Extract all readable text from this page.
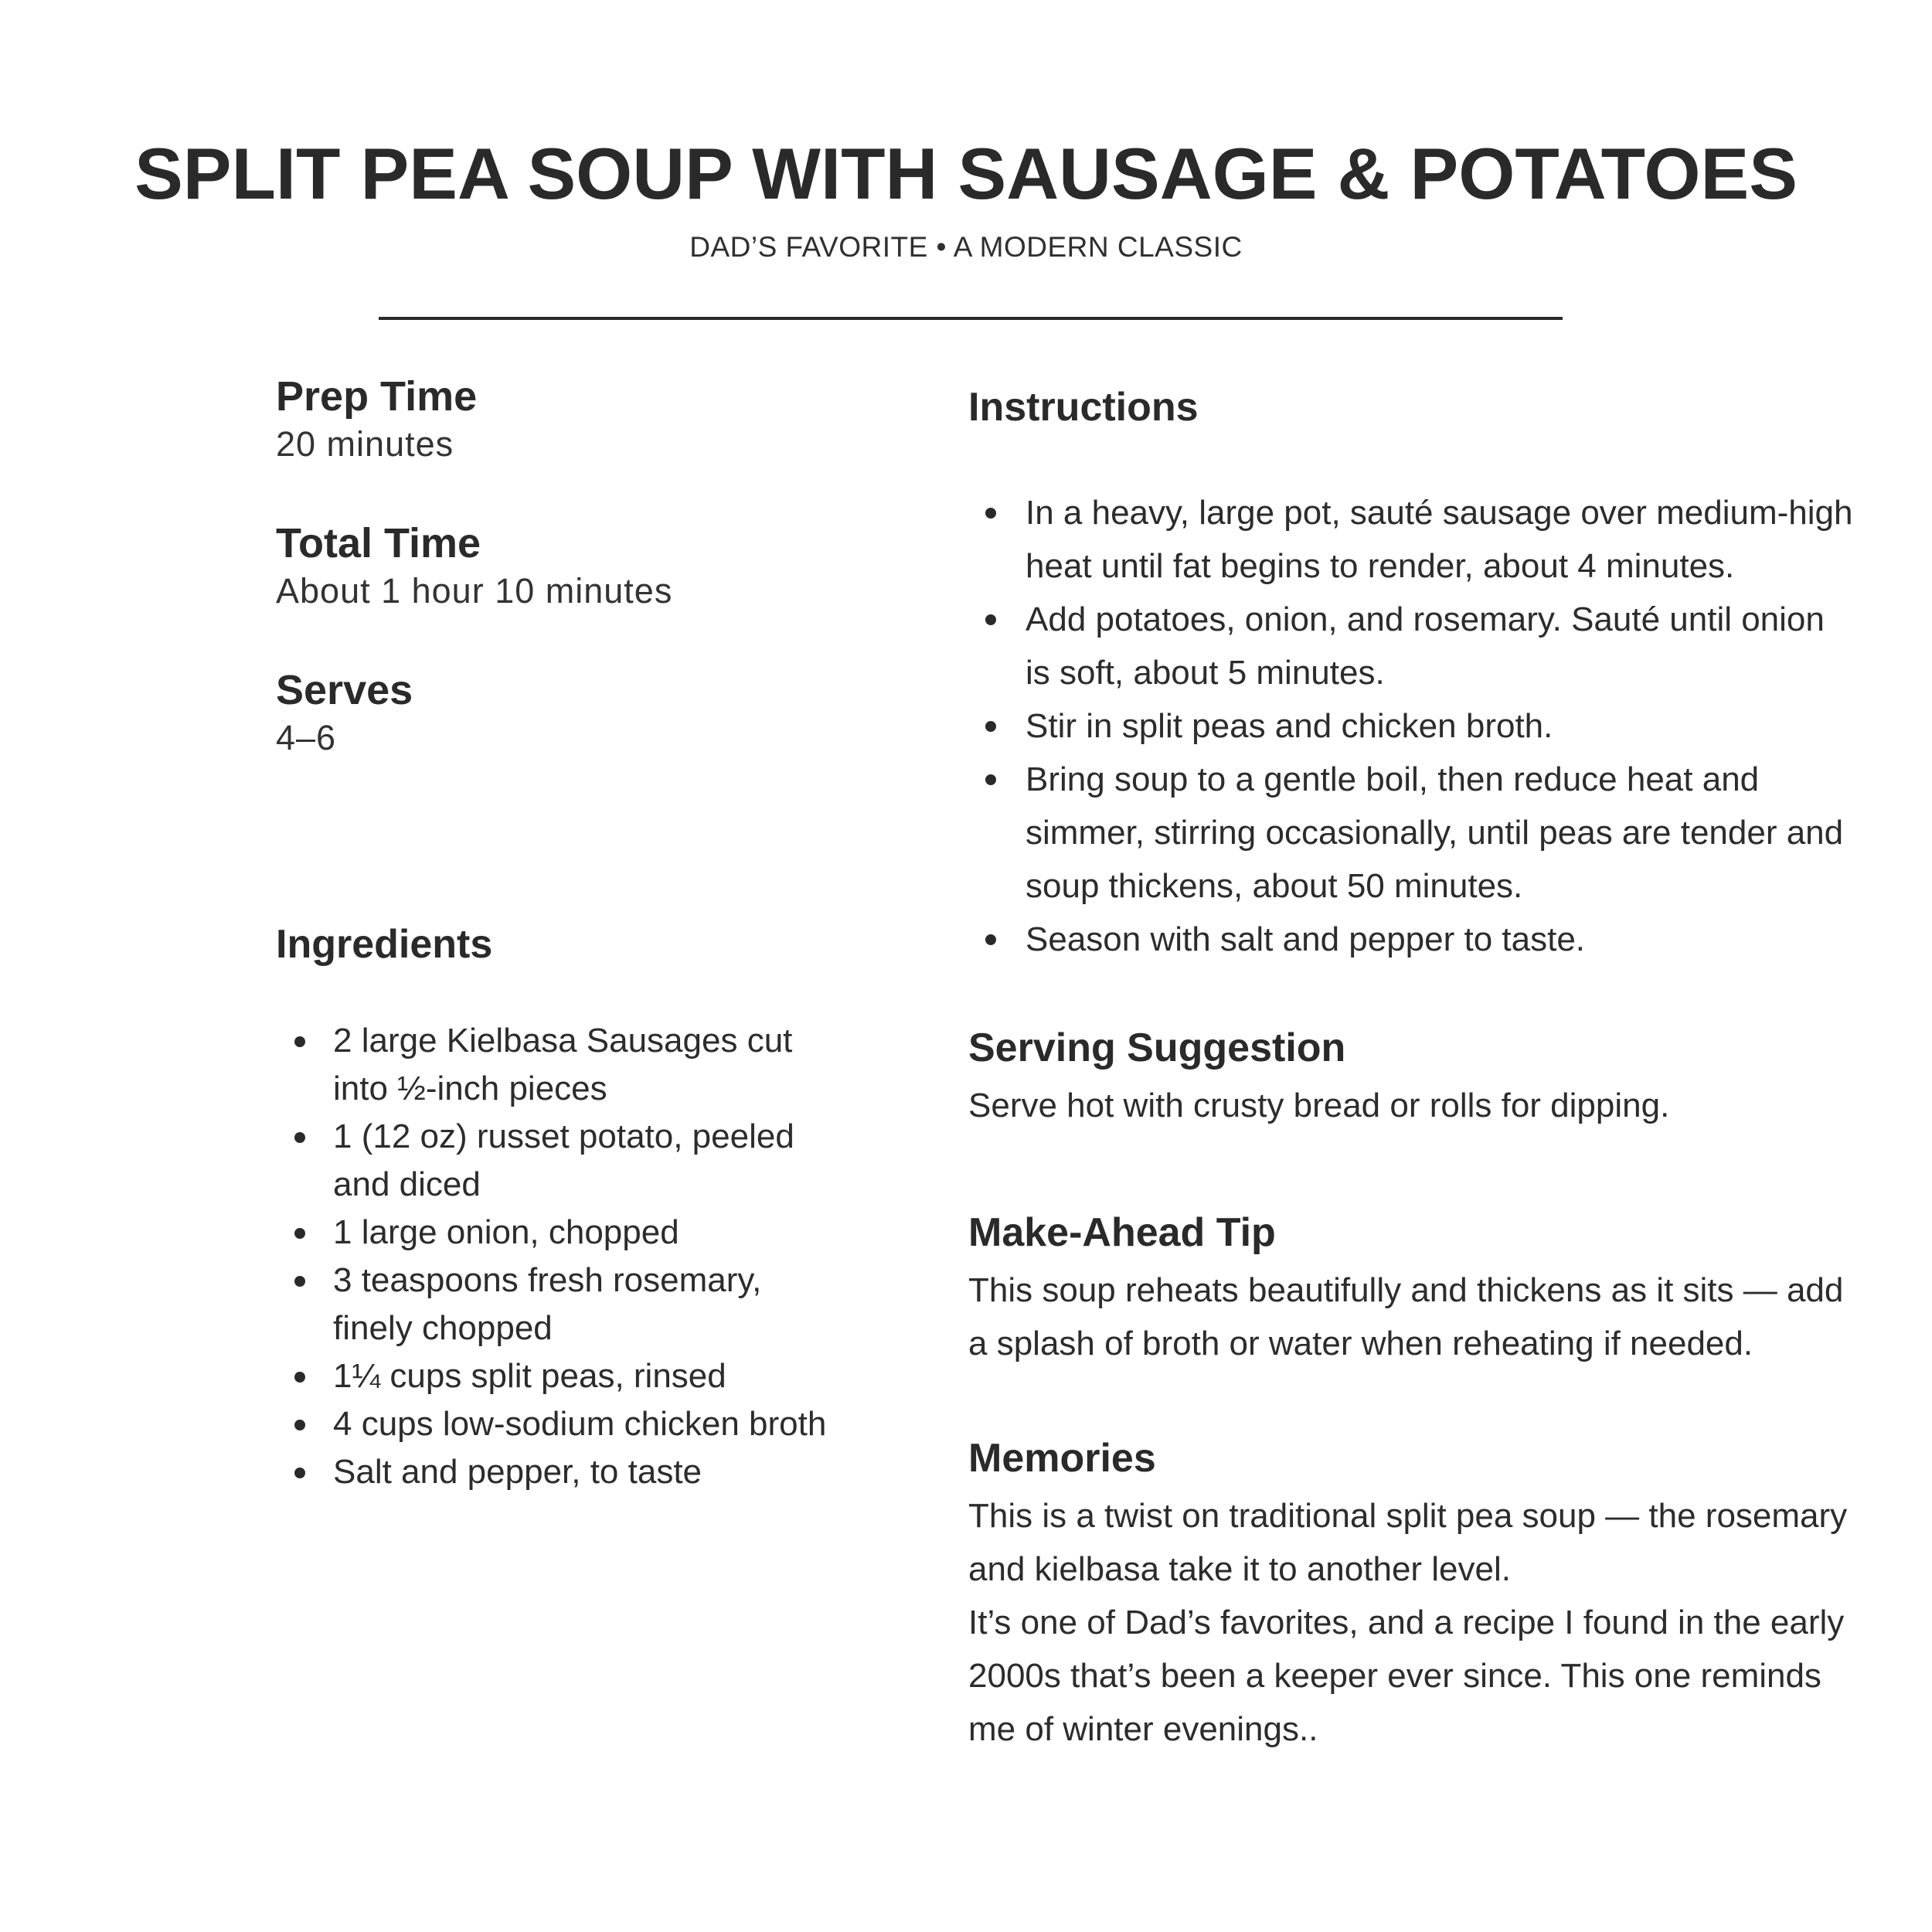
SPLIT PEA SOUP WITH SAUSAGE & POTATOES
DAD’S FAVORITE • A MODERN CLASSIC
Prep Time
20 minutes
Total Time
About 1 hour 10 minutes
Serves
4–6
Ingredients
2 large Kielbasa Sausages cut into ½-inch pieces
1 (12 oz) russet potato, peeled and diced
1 large onion, chopped
3 teaspoons fresh rosemary, finely chopped
1¼ cups split peas, rinsed
4 cups low-sodium chicken broth
Salt and pepper, to taste
Instructions
In a heavy, large pot, sauté sausage over medium-high heat until fat begins to render, about 4 minutes.
Add potatoes, onion, and rosemary. Sauté until onion is soft, about 5 minutes.
Stir in split peas and chicken broth.
Bring soup to a gentle boil, then reduce heat and simmer, stirring occasionally, until peas are tender and soup thickens, about 50 minutes.
Season with salt and pepper to taste.
Serving Suggestion

Serve hot with crusty bread or rolls for dipping.

Make-Ahead Tip

This soup reheats beautifully and thickens as it sits — add a splash of broth or water when reheating if needed.

Memories

This is a twist on traditional split pea soup — the rosemary and kielbasa take it to another level.

It’s one of Dad’s favorites, and a recipe I found in the early 2000s that’s been a keeper ever since. This one reminds me of winter evenings..
